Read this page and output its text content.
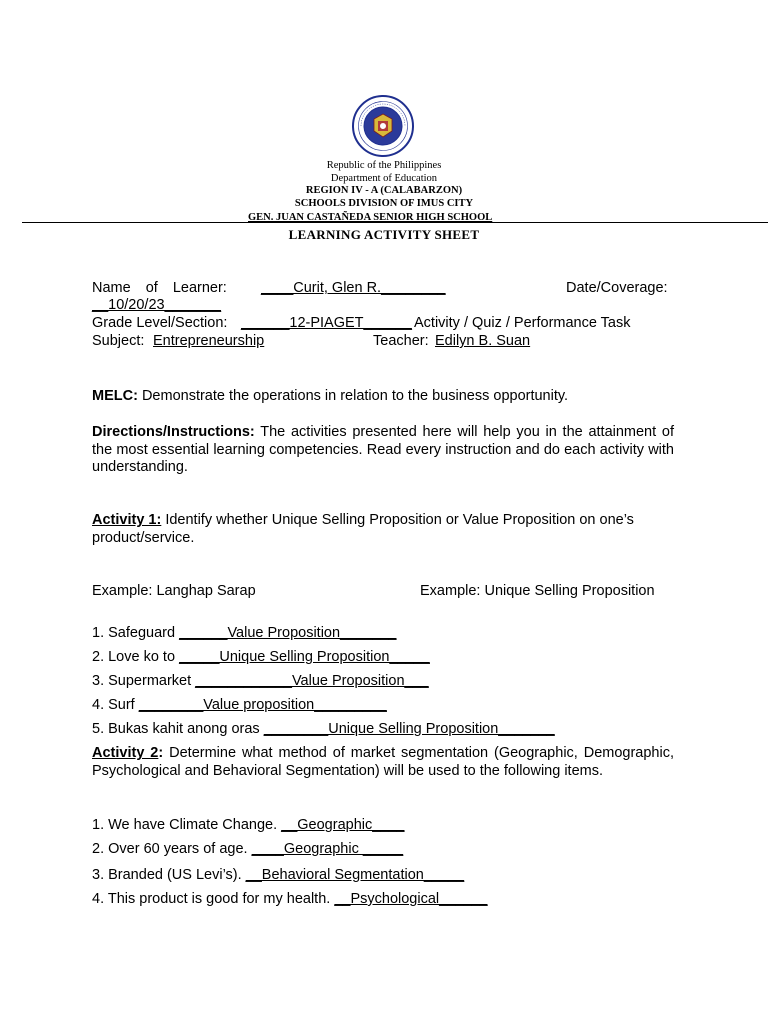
Republic of the Philippines
Department of Education
REGION IV - A (CALABARZON)
SCHOOLS DIVISION OF IMUS CITY
GEN. JUAN CASTAÑEDA SENIOR HIGH SCHOOL
LEARNING ACTIVITY SHEET
Name of Learner: ____Curit, Glen R.________	Date/Coverage:
__10/20/23_______
Grade Level/Section: ______12-PIAGET______ Activity / Quiz / Performance Task
Subject: Entrepreneurship	Teacher: Edilyn B. Suan
MELC: Demonstrate the operations in relation to the business opportunity.
Directions/Instructions: The activities presented here will help you in the attainment of the most essential learning competencies. Read every instruction and do each activity with understanding.
Activity 1: Identify whether Unique Selling Proposition or Value Proposition on one’s product/service.
Example: Langhap Sarap	Example: Unique Selling Proposition
1. Safeguard ______Value Proposition_______
2. Love ko to _____Unique Selling Proposition_____
3. Supermarket ____________Value Proposition___
4. Surf ________Value proposition_________
5. Bukas kahit anong oras ________Unique Selling Proposition_______
Activity 2: Determine what method of market segmentation (Geographic, Demographic, Psychological and Behavioral Segmentation) will be used to the following items.
1. We have Climate Change. __Geographic____
2. Over 60 years of age. ____Geographic _____
3. Branded (US Levi’s). __Behavioral Segmentation_____
4. This product is good for my health. __Psychological______
